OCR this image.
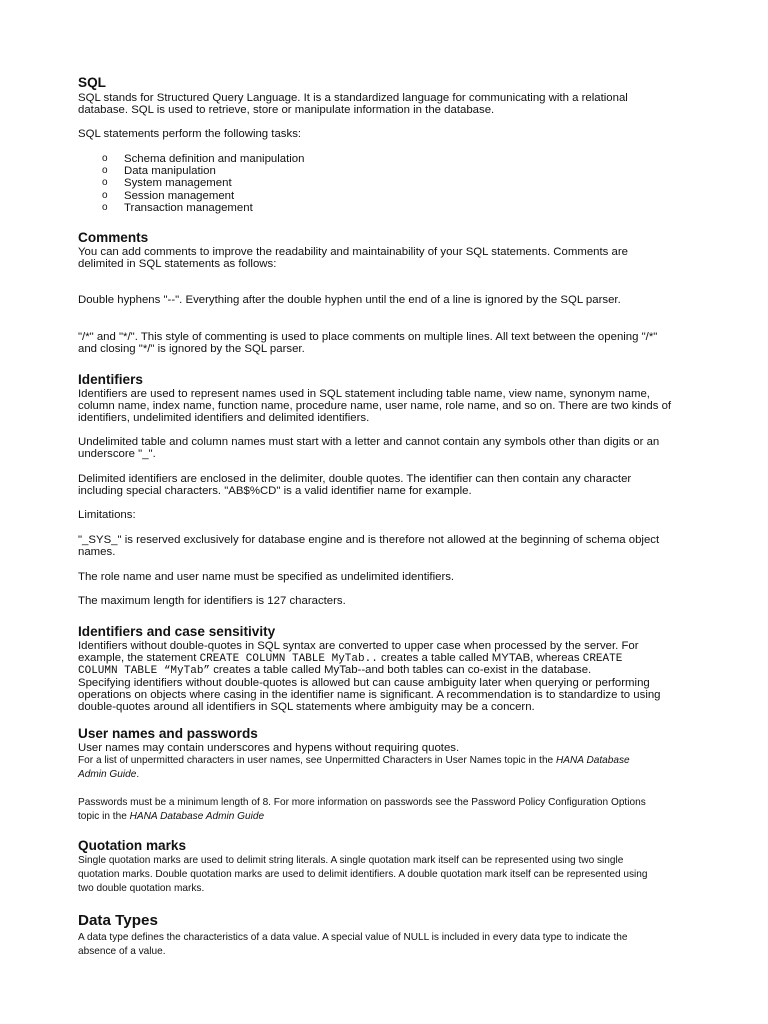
SQL

SQL stands for Structured Query Language. It is a standardized language for communicating with a relational

database. SQL is used to retrieve, store or manipulate information in the database.

SQL statements perform the following tasks:

o Schema definition and manipulation
o Data manipulation
o System management
o Session management
o Transaction management
Comments

You can add comments to improve the readability and maintainability of your SQL statements. Comments are

delimited in SQL statements as follows:

Double hyphens "--". Everything after the double hyphen until the end of a line is ignored by the SQL parser.

"/*" and "*/". This style of commenting is used to place comments on multiple lines. All text between the opening "/*"

and closing "*/" is ignored by the SQL parser.

Identifiers

Identifiers are used to represent names used in SQL statement including table name, view name, synonym name,

column name, index name, function name, procedure name, user name, role name, and so on. There are two kinds of

identifiers, undelimited identifiers and delimited identifiers.

Undelimited table and column names must start with a letter and cannot contain any symbols other than digits or an

underscore "_".

Delimited identifiers are enclosed in the delimiter, double quotes. The identifier can then contain any character

including special characters. "AB$%CD" is a valid identifier name for example.

Limitations:

"_SYS_" is reserved exclusively for database engine and is therefore not allowed at the beginning of schema object

names.

The role name and user name must be specified as undelimited identifiers.

The maximum length for identifiers is 127 characters.

Identifiers and case sensitivity

Identifiers without double-quotes in SQL syntax are converted to upper case when processed by the server. For

example, the statement CREATE COLUMN TABLE MyTab.. creates a table called MYTAB, whereas CREATE

COLUMN TABLE “MyTab” creates a table called MyTab--and both tables can co-exist in the database.

Specifying identifiers without double-quotes is allowed but can cause ambiguity later when querying or performing

operations on objects where casing in the identifier name is significant. A recommendation is to standardize to using

double-quotes around all identifiers in SQL statements where ambiguity may be a concern.

User names and passwords

User names may contain underscores and hypens without requiring quotes.

For a list of unpermitted characters in user names, see Unpermitted Characters in User Names topic in the HANA Database

Admin Guide.

Passwords must be a minimum length of 8. For more information on passwords see the Password Policy Configuration Options

topic in the HANA Database Admin Guide

Quotation marks

Single quotation marks are used to delimit string literals. A single quotation mark itself can be represented using two single

quotation marks. Double quotation marks are used to delimit identifiers. A double quotation mark itself can be represented using

two double quotation marks.

Data Types

A data type defines the characteristics of a data value. A special value of NULL is included in every data type to indicate the

absence of a value.
